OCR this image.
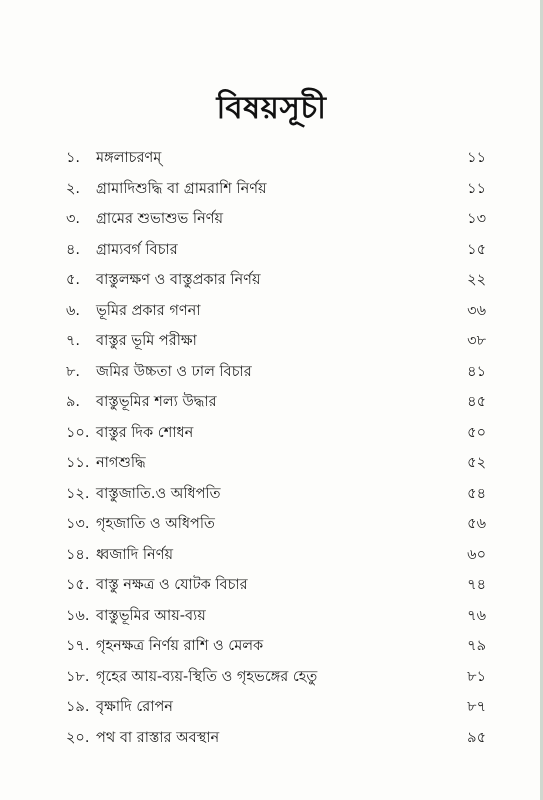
বিষয়সূচী
১.	মঙ্গলাচরণম্	১১
২.	গ্রামাদিশুদ্ধি বা গ্রামরাশি নির্ণয়	১১
৩.	গ্রামের শুভাশুভ নির্ণয়	১৩
৪.	গ্রাম্যবর্গ বিচার	১৫
৫.	বাস্তুলক্ষণ ও বাস্তুপ্রকার নির্ণয়	২২
৬.	ভূমির প্রকার গণনা	৩৬
৭.	বাস্তুর ভূমি পরীক্ষা	৩৮
৮.	জমির উচ্চতা ও ঢাল বিচার	৪১
৯.	বাস্তুভূমির শল্য উদ্ধার	৪৫
১০. বাস্তুর দিক শোধন	৫০
১১. নাগশুদ্ধি	৫২
১২. বাস্তুজাতি.ও অধিপতি	৫৪
১৩. গৃহজাতি ও অধিপতি	৫৬
১৪. ধ্বজাদি নির্ণয়	৬০
১৫. বাস্তু নক্ষত্র ও যোটক বিচার	৭৪
১৬. বাস্তুভূমির আয়-ব্যয়	৭৬
১৭. গৃহনক্ষত্র নির্ণয় রাশি ও মেলক	৭৯
১৮. গৃহের আয়-ব্যয়-স্থিতি ও গৃহভঙ্গের হেতু	৮১
১৯. বৃক্ষাদি রোপন	৮৭
২০. পথ বা রাস্তার অবস্থান	৯৫
